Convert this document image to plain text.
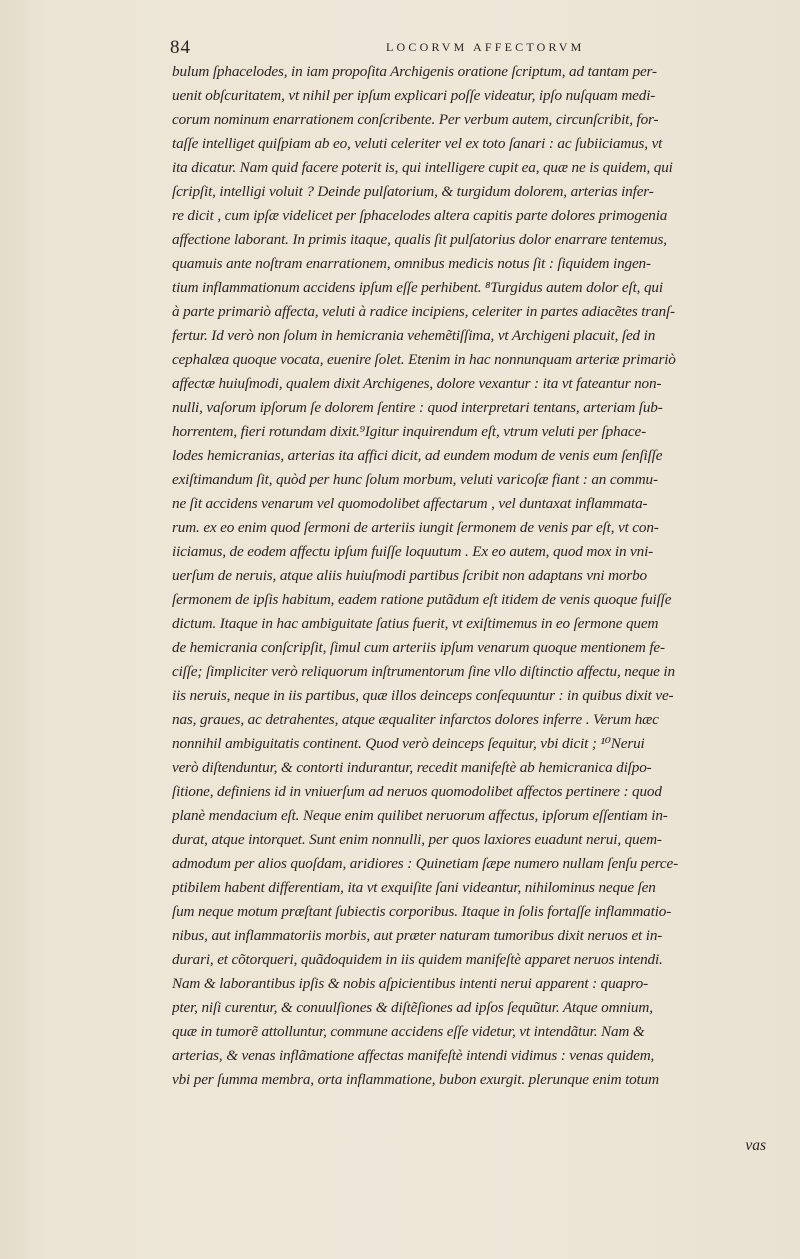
84	LOCORVM AFFECTORVM
bulum ſphacelodes, in iam propoſita Archigenis oratione ſcriptum, ad tantam per-
uenit obſcuritatem, vt nihil per ipſum explicari poſſe videatur, ipſo nuſquam medi-
corum nominum enarrationem conſcribente. Per verbum autem, circunſcribit, for-
taſſe intelliget quiſpiam ab eo, veluti celeriter vel ex toto ſanari : ac ſubiiciamus, vt
ita dicatur. Nam quid facere poterit is, qui intelligere cupit ea, quæ ne is quidem, qui
ſcripſit, intelligi voluit ? Deinde pulſatorium, & turgidum dolorem, arterias infer-
re dicit , cum ipſæ videlicet per ſphacelodes altera capitis parte dolores primogenia
affectione laborant. In primis itaque, qualis ſit pulſatorius dolor enarrare tentemus,
quamuis ante noſtram enarrationem, omnibus medicis notus ſit : ſiquidem ingen-
tium inflammationum accidens ipſum eſſe perhibent. ⁸Turgidus autem dolor eſt, qui
à parte primariò affecta, veluti à radice incipiens, celeriter in partes adiacẽtes tranſ-
fertur. Id verò non ſolum in hemicrania vehemẽtiſſima, vt Archigeni placuit, ſed in
cephalæa quoque vocata, euenire ſolet. Etenim in hac nonnunquam arteriæ primariò
affectæ huiuſmodi, qualem dixit Archigenes, dolore vexantur : ita vt fateantur non-
nulli, vaſorum ipſorum ſe dolorem ſentire : quod interpretari tentans, arteriam ſub-
horrentem, fieri rotundam dixit.⁹Igitur inquirendum eſt, vtrum veluti per ſphace-
lodes hemicranias, arterias ita affici dicit, ad eundem modum de venis eum ſenſiſſe
exiſtimandum ſit, quòd per hunc ſolum morbum, veluti varicoſæ fiant : an commu-
ne ſit accidens venarum vel quomodolibet affectarum , vel duntaxat inflammata-
rum. ex eo enim quod ſermoni de arteriis iungit ſermonem de venis par eſt, vt con-
iiciamus, de eodem affectu ipſum fuiſſe loquutum . Ex eo autem, quod mox in vni-
uerſum de neruis, atque aliis huiuſmodi partibus ſcribit non adaptans vni morbo
ſermonem de ipſis habitum, eadem ratione putãdum eſt itidem de venis quoque fuiſſe
dictum. Itaque in hac ambiguitate ſatius fuerit, vt exiſtimemus in eo ſermone quem
de hemicrania conſcripſit, ſimul cum arteriis ipſum venarum quoque mentionem fe-
ciſſe; ſimpliciter verò reliquorum inſtrumentorum ſine vllo diſtinctio affectu, neque in
iis neruis, neque in iis partibus, quæ illos deinceps conſequuntur : in quibus dixit ve-
nas, graues, ac detrahentes, atque æqualiter infarctos dolores inferre . Verum hæc
nonnihil ambiguitatis continent. Quod verò deinceps ſequitur, vbi dicit ; ¹⁰Nerui
verò diſtenduntur, & contorti indurantur, recedit manifeſtè ab hemicranica diſpo-
ſitione, definiens id in vniuerſum ad neruos quomodolibet affectos pertinere : quod
planè mendacium eſt. Neque enim quilibet neruorum affectus, ipſorum eſſentiam in-
durat, atque intorquet. Sunt enim nonnulli, per quos laxiores euadunt nerui, quem-
admodum per alios quoſdam, aridiores : Quinetiam ſæpe numero nullam ſenſu perce-
ptibilem habent differentiam, ita vt exquiſite ſani videantur, nihilominus neque ſen
ſum neque motum præſtant ſubiectis corporibus. Itaque in ſolis fortaſſe inflammatio-
nibus, aut inflammatoriis morbis, aut præter naturam tumoribus dixit neruos et in-
durari, et cõtorqueri, quãdoquidem in iis quidem manifeſtè apparet neruos intendi.
Nam & laborantibus ipſis & nobis aſpicientibus intenti nerui apparent : quapro-
pter, niſi curentur, & conuulſiones & diſtẽſiones ad ipſos ſequũtur. Atque omnium,
quæ in tumorẽ attolluntur, commune accidens eſſe videtur, vt intendãtur. Nam &
arterias, & venas inflãmatione affectas manifeſtè intendi vidimus : venas quidem,
vbi per ſumma membra, orta inflammatione, bubon exurgit. plerunque enim totum
vas
